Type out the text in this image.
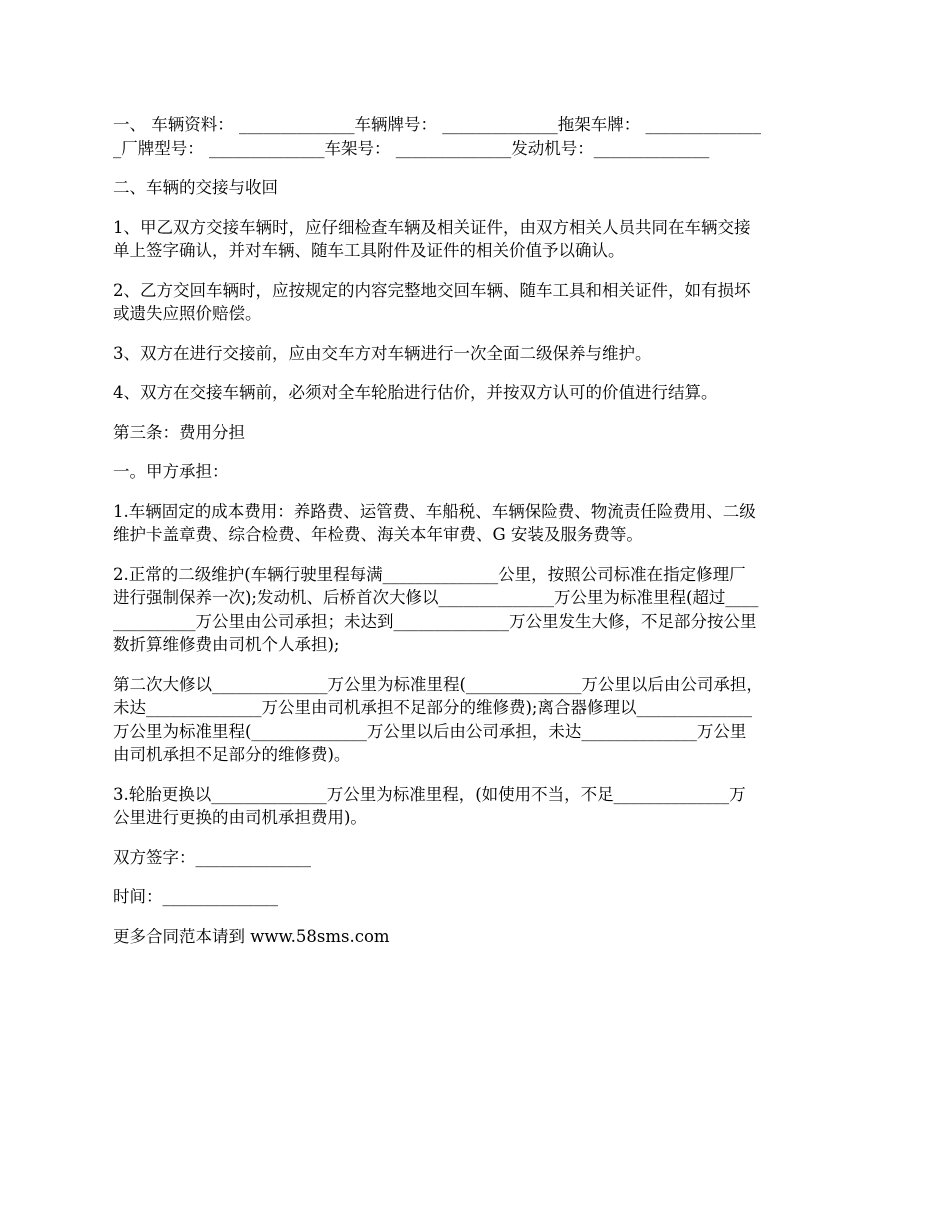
一、 车辆资料： ______________车辆牌号： ______________拖架车牌： ______________
_厂牌型号： ______________车架号： ______________发动机号：______________

二、车辆的交接与收回

1、甲乙双方交接车辆时，应仔细检查车辆及相关证件，由双方相关人员共同在车辆交接
单上签字确认，并对车辆、随车工具附件及证件的相关价值予以确认。

2、乙方交回车辆时，应按规定的内容完整地交回车辆、随车工具和相关证件，如有损坏
或遗失应照价赔偿。

3、双方在进行交接前，应由交车方对车辆进行一次全面二级保养与维护。

4、双方在交接车辆前，必须对全车轮胎进行估价，并按双方认可的价值进行结算。

第三条：费用分担

一。甲方承担：

1.车辆固定的成本费用：养路费、运管费、车船税、车辆保险费、物流责任险费用、二级
维护卡盖章费、综合检费、年检费、海关本年审费、G 安装及服务费等。

2.正常的二级维护(车辆行驶里程每满______________公里，按照公司标准在指定修理厂
进行强制保养一次);发动机、后桥首次大修以______________万公里为标准里程(超过____
__________万公里由公司承担；未达到______________万公里发生大修，不足部分按公里
数折算维修费由司机个人承担);

第二次大修以______________万公里为标准里程(______________万公里以后由公司承担，
未达______________万公里由司机承担不足部分的维修费);离合器修理以______________
万公里为标准里程(______________万公里以后由公司承担，未达______________万公里
由司机承担不足部分的维修费)。

3.轮胎更换以______________万公里为标准里程，(如使用不当，不足______________万
公里进行更换的由司机承担费用)。

双方签字：______________

时间：______________

更多合同范本请到 www.58sms.com
